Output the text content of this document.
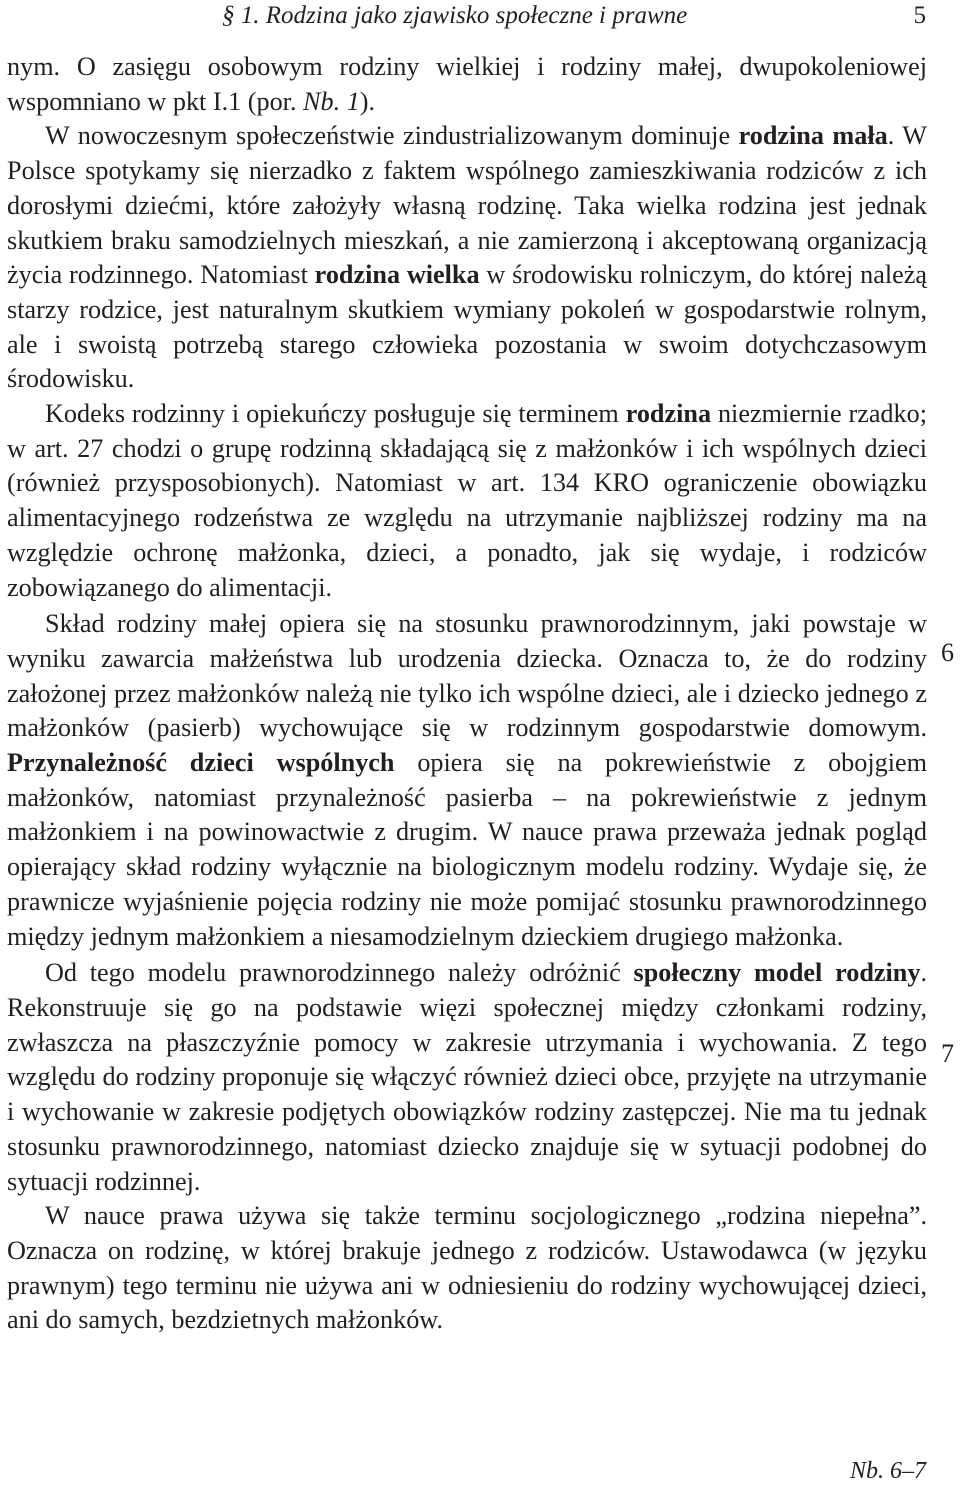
§ 1. Rodzina jako zjawisko społeczne i prawne	5

nym. O zasięgu osobowym rodziny wielkiej i rodziny małej, dwupokoleniowej wspomniano w pkt I.1 (por. Nb. 1).

W nowoczesnym społeczeństwie zindustrializowanym dominuje rodzina mała. W Polsce spotykamy się nierzadko z faktem wspólnego zamieszkiwania rodziców z ich dorosłymi dziećmi, które założyły własną rodzinę. Taka wielka rodzina jest jednak skutkiem braku samodzielnych mieszkań, a nie zamierzoną i akceptowaną organizacją życia rodzinnego. Natomiast rodzina wielka w środowisku rolniczym, do której należą starzy rodzice, jest naturalnym skutkiem wymiany pokoleń w gospodarstwie rolnym, ale i swoistą potrzebą starego człowieka pozostania w swoim dotychczasowym środowisku.

Kodeks rodzinny i opiekuńczy posługuje się terminem rodzina niezmiernie rzadko; w art. 27 chodzi o grupę rodzinną składającą się z małżonków i ich wspólnych dzieci (również przysposobionych). Natomiast w art. 134 KRO ograniczenie obowiązku alimentacyjnego rodzeństwa ze względu na utrzymanie najbliższej rodziny ma na względzie ochronę małżonka, dzieci, a ponadto, jak się wydaje, i rodziców zobowiązanego do alimentacji.

Skład rodziny małej opiera się na stosunku prawnorodzinnym, jaki powstaje w wyniku zawarcia małżeństwa lub urodzenia dziecka. Oznacza to, że do rodziny założonej przez małżonków należą nie tylko ich wspólne dzieci, ale i dziecko jednego z małżonków (pasierb) wychowujące się w rodzinnym gospodarstwie domowym. Przynależność dzieci wspólnych opiera się na pokrewieństwie z obojgiem małżonków, natomiast przynależność pasierba – na pokrewieństwie z jednym małżonkiem i na powinowactwie z drugim. W nauce prawa przeważa jednak pogląd opierający skład rodziny wyłącznie na biologicznym modelu rodziny. Wydaje się, że prawnicze wyjaśnienie pojęcia rodziny nie może pomijać stosunku prawnorodzinnego między jednym małżonkiem a niesamodzielnym dzieckiem drugiego małżonka.

Od tego modelu prawnorodzinnego należy odróżnić społeczny model rodziny. Rekonstruuje się go na podstawie więzi społecznej między członkami rodziny, zwłaszcza na płaszczyźnie pomocy w zakresie utrzymania i wychowania. Z tego względu do rodziny proponuje się włączyć również dzieci obce, przyjęte na utrzymanie i wychowanie w zakresie podjętych obowiązków rodziny zastępczej. Nie ma tu jednak stosunku prawnorodzinnego, natomiast dziecko znajduje się w sytuacji podobnej do sytuacji rodzinnej.

W nauce prawa używa się także terminu socjologicznego „rodzina niepełna”. Oznacza on rodzinę, w której brakuje jednego z rodziców. Ustawodawca (w języku prawnym) tego terminu nie używa ani w odniesieniu do rodziny wychowującej dzieci, ani do samych, bezdzietnych małżonków.

6
7
Nb. 6–7
